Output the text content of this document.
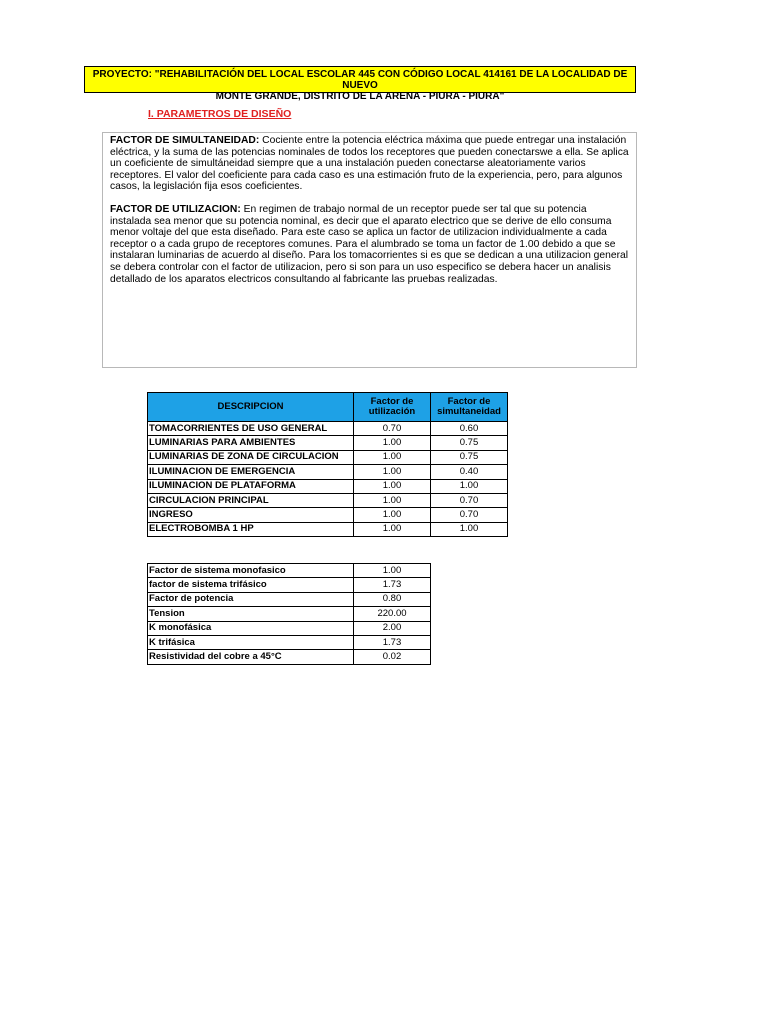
PROYECTO: "REHABILITACIÓN DEL LOCAL ESCOLAR 445 CON CÓDIGO LOCAL 414161 DE LA LOCALIDAD DE NUEVO
MONTE GRANDE, DISTRITO DE LA ARENA - PIURA - PIURA"
I. PARAMETROS DE DISEÑO

FACTOR DE SIMULTANEIDAD: Cociente entre la potencia eléctrica máxima que puede entregar una instalación eléctrica, y la suma de las potencias nominales de todos los receptores que pueden conectarswe a ella. Se aplica un coeficiente de simultáneidad siempre que a una instalación pueden conectarse aleatoriamente varios receptores. El valor del coeficiente para cada caso es una estimación fruto de la experiencia, pero, para algunos casos, la legislación fija esos coeficientes.

FACTOR DE UTILIZACION: En regimen de trabajo normal de un receptor puede ser tal que su potencia instalada sea menor que su potencia nominal, es decir que el aparato electrico que se derive de ello consuma menor voltaje del que esta diseñado. Para este caso se aplica un factor de utilizacion individualmente a cada receptor o a cada grupo de receptores comunes. Para el alumbrado se toma un factor de 1.00 debido a que se instalaran luminarias de acuerdo al diseño. Para los tomacorrientes si es que se dedican a una utilizacion general se debera controlar con el factor de utilizacion, pero si son para un uso especifico se debera hacer un analisis detallado de los aparatos electricos consultando al fabricante las pruebas realizadas.

DESCRIPCION	Factor de utilización	Factor de simultaneidad
TOMACORRIENTES DE USO GENERAL	0.70	0.60
LUMINARIAS PARA AMBIENTES	1.00	0.75
LUMINARIAS DE ZONA DE CIRCULACION	1.00	0.75
ILUMINACION DE EMERGENCIA	1.00	0.40
ILUMINACION DE PLATAFORMA	1.00	1.00
CIRCULACION PRINCIPAL	1.00	0.70
INGRESO	1.00	0.70
ELECTROBOMBA 1 HP	1.00	1.00
Factor de sistema monofasico	1.00
factor de sistema trifásico	1.73
Factor de potencia	0.80
Tension	220.00
K monofásica	2.00
K trifásica	1.73
Resistividad del cobre a 45°C	0.02
